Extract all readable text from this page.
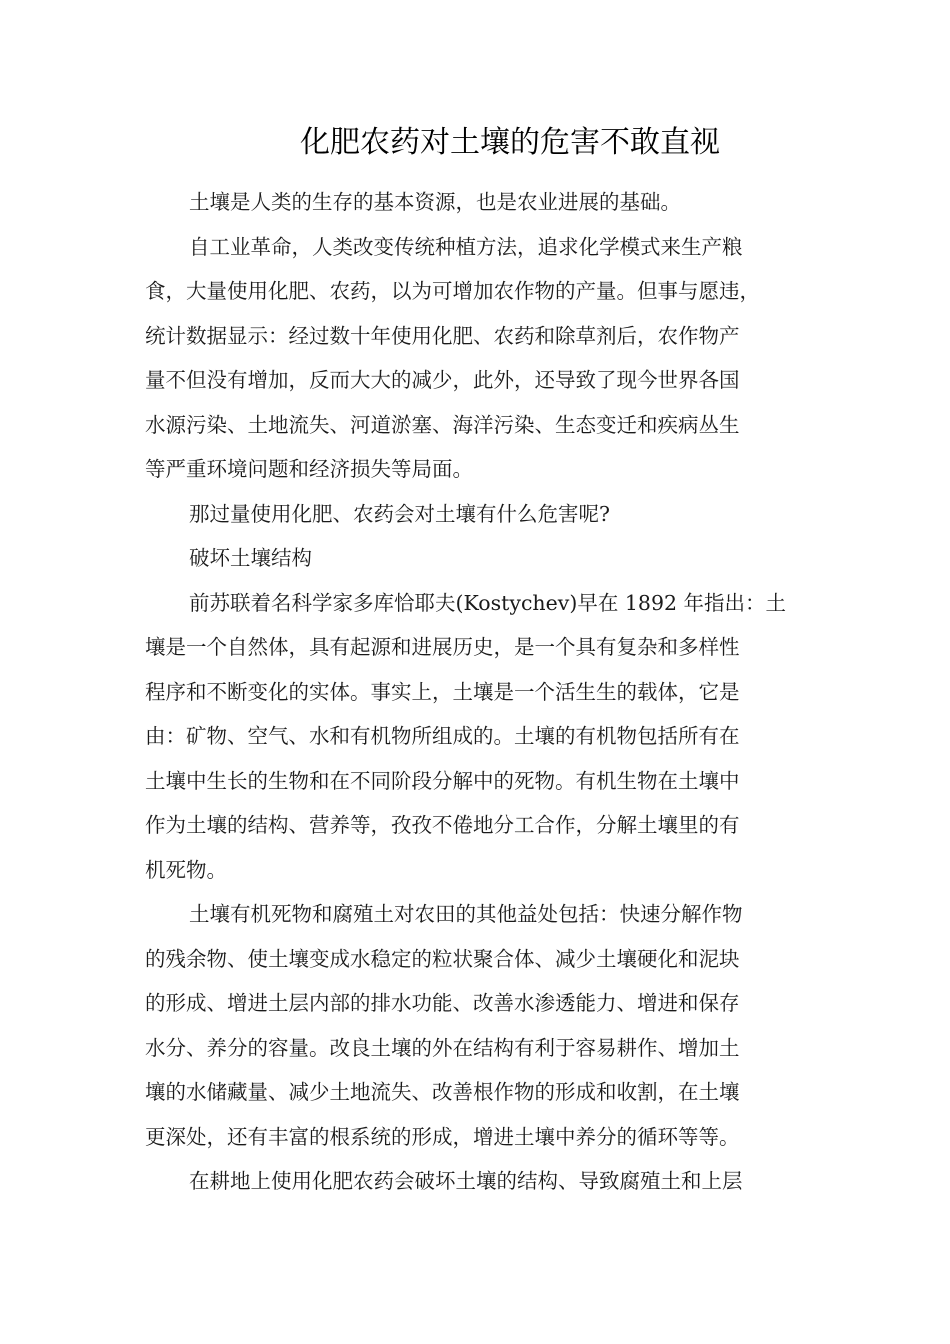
化肥农药对土壤的危害不敢直视
土壤是人类的生存的基本资源，也是农业进展的基础。
自工业革命，人类改变传统种植方法，追求化学模式来生产粮
食，大量使用化肥、农药，以为可增加农作物的产量。但事与愿违，
统计数据显示：经过数十年使用化肥、农药和除草剂后，农作物产
量不但没有增加，反而大大的减少，此外，还导致了现今世界各国
水源污染、土地流失、河道淤塞、海洋污染、生态变迁和疾病丛生
等严重环境问题和经济损失等局面。
那过量使用化肥、农药会对土壤有什么危害呢?
破坏土壤结构
前苏联着名科学家多库恰耶夫(Kostychev)早在 1892 年指出：土
壤是一个自然体，具有起源和进展历史，是一个具有复杂和多样性
程序和不断变化的实体。事实上，土壤是一个活生生的载体，它是
由：矿物、空气、水和有机物所组成的。土壤的有机物包括所有在
土壤中生长的生物和在不同阶段分解中的死物。有机生物在土壤中
作为土壤的结构、营养等，孜孜不倦地分工合作，分解土壤里的有
机死物。
土壤有机死物和腐殖土对农田的其他益处包括：快速分解作物
的残余物、使土壤变成水稳定的粒状聚合体、减少土壤硬化和泥块
的形成、增进土层内部的排水功能、改善水渗透能力、增进和保存
水分、养分的容量。改良土壤的外在结构有利于容易耕作、增加土
壤的水储藏量、减少土地流失、改善根作物的形成和收割，在土壤
更深处，还有丰富的根系统的形成，增进土壤中养分的循环等等。
在耕地上使用化肥农药会破坏土壤的结构、导致腐殖土和上层
